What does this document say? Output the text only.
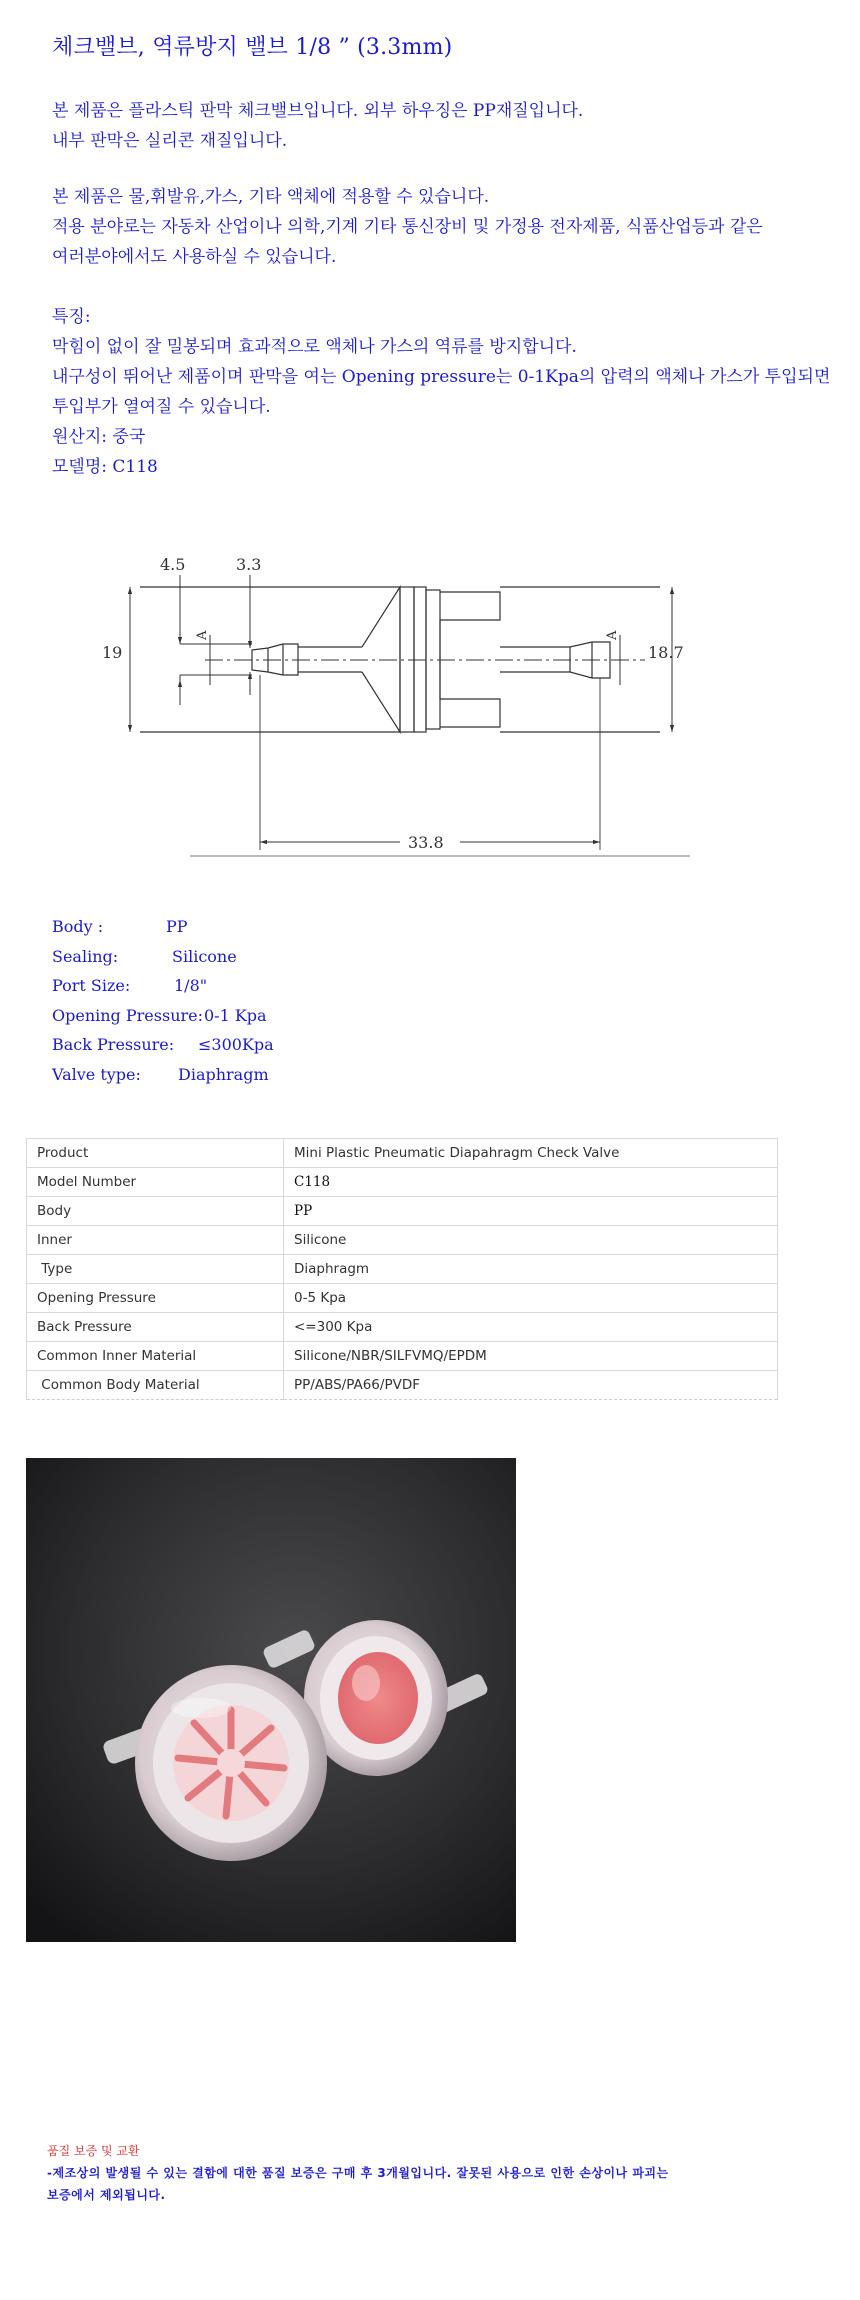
체크밸브, 역류방지 밸브 1/8 ” (3.3mm)
본 제품은 플라스틱 판막 체크밸브입니다. 외부 하우징은 PP재질입니다.
내부 판막은 실리콘 재질입니다.
본 제품은 물,휘발유,가스, 기타 액체에 적용할 수 있습니다.
적용 분야로는 자동차 산업이나 의학,기계 기타 통신장비 및 가정용 전자제품, 식품산업등과 같은
여러분야에서도 사용하실 수 있습니다.
특징:
막힘이 없이 잘 밀봉되며 효과적으로 액체나 가스의 역류를 방지합니다.
내구성이 뛰어난 제품이며 판막을 여는 Opening pressure는 0-1Kpa의 압력의 액체나 가스가 투입되면
투입부가 열여질 수 있습니다.
원산지: 중국
모델명: C118
19	18.7
4.5	3.3
A	A
33.8
Body :	PP
Sealing:	Silicone
Port Size:	1/8"
Opening Pressure: 0-1 Kpa
Back Pressure: ≤300Kpa
Valve type: Diaphragm
Product	Mini Plastic Pneumatic Diapahragm Check Valve
Model Number	C118
Body	PP
Inner	Silicone
Type	Diaphragm
Opening Pressure	0-5 Kpa
Back Pressure	<=300 Kpa
Common Inner Material	Silicone/NBR/SILFVMQ/EPDM
Common Body Material	PP/ABS/PA66/PVDF
품질 보증 및 교환
-제조상의 발생될 수 있는 결함에 대한 품질 보증은 구매 후 3개월입니다. 잘못된 사용으로 인한 손상이나 파괴는
보증에서 제외됩니다.
